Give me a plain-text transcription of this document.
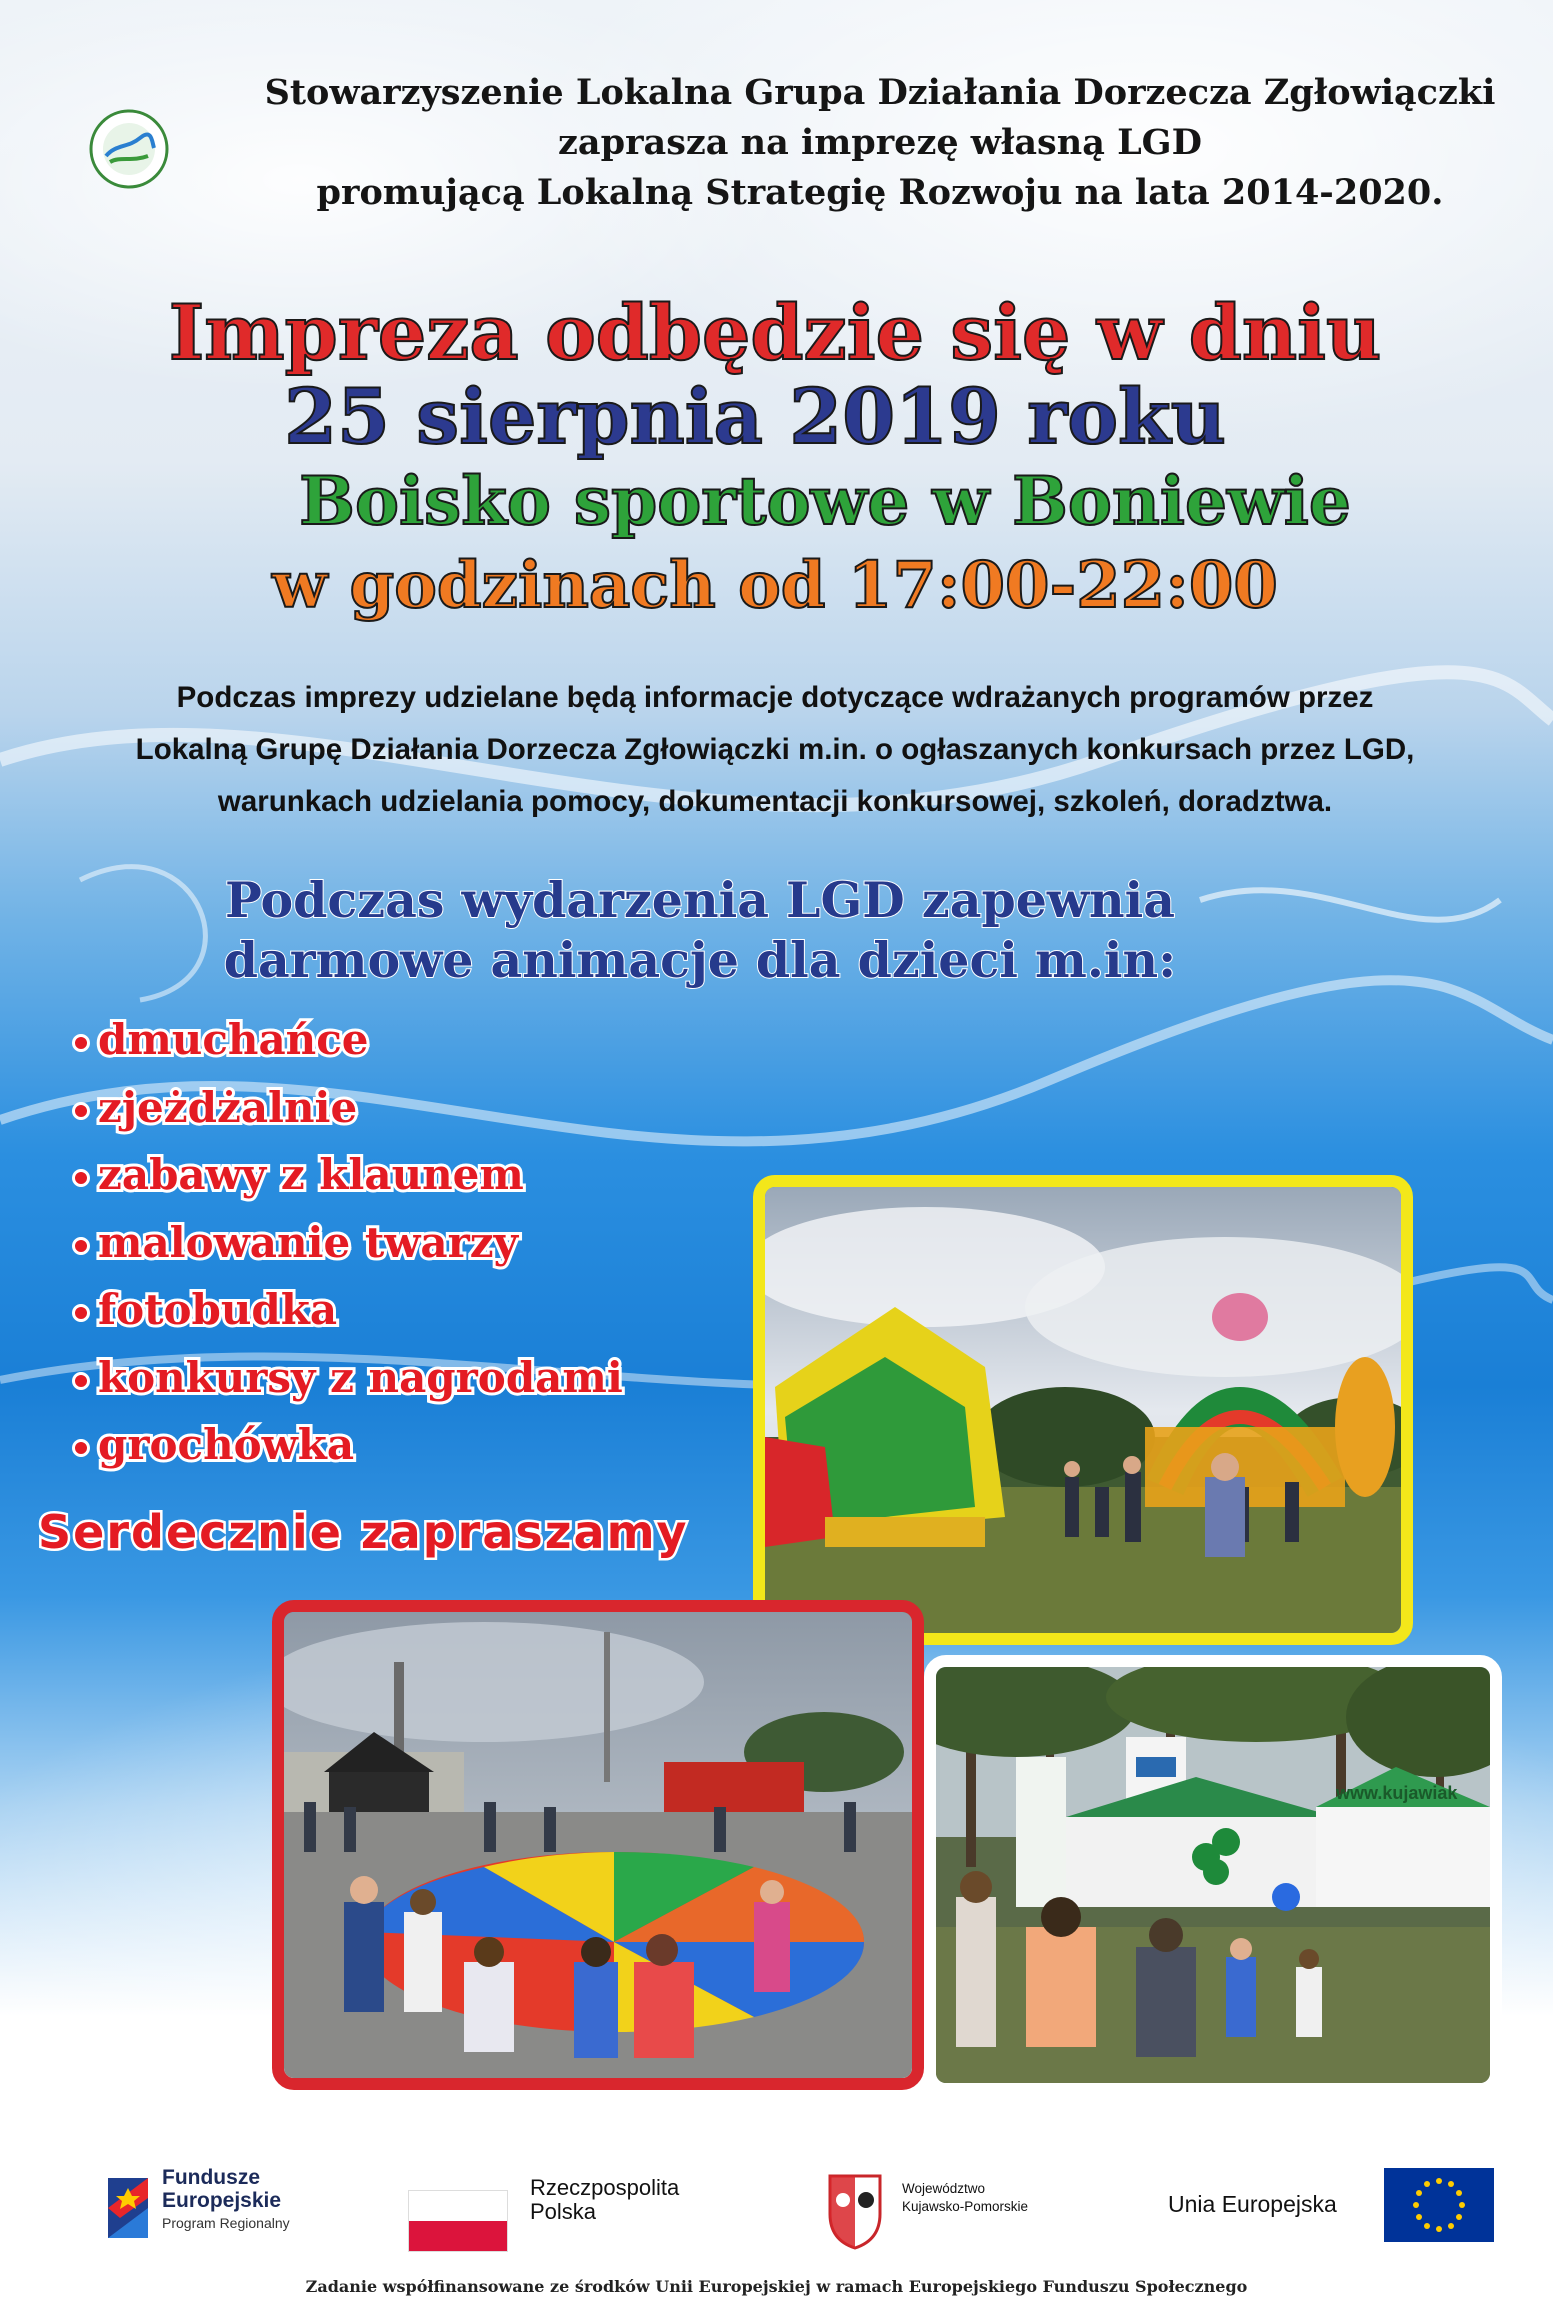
Stowarzyszenie Lokalna Grupa Działania Dorzecza Zgłowiączki
zaprasza na imprezę własną LGD
promującą Lokalną Strategię Rozwoju na lata 2014-2020.
Impreza odbędzie się w dniu
25 sierpnia 2019 roku
Boisko sportowe w Boniewie
w godzinach od 17:00-22:00
Podczas imprezy udzielane będą informacje dotyczące wdrażanych programów przez
Lokalną Grupę Działania Dorzecza Zgłowiączki m.in. o ogłaszanych konkursach przez LGD,
warunkach udzielania pomocy, dokumentacji konkursowej, szkoleń, doradztwa.
Podczas wydarzenia LGD zapewnia
darmowe animacje dla dzieci m.in:
dmuchańce
zjeżdżalnie
zabawy z klaunem
malowanie twarzy
fotobudka
konkursy z nagrodami
grochówka
Serdecznie zapraszamy
www.kujawiak
Fundusze
Europejskie
Program Regionalny
Rzeczpospolita
Polska
Województwo
Kujawsko-Pomorskie	Unia Europejska
Zadanie współfinansowane ze środków Unii Europejskiej w ramach Europejskiego Funduszu Społecznego
